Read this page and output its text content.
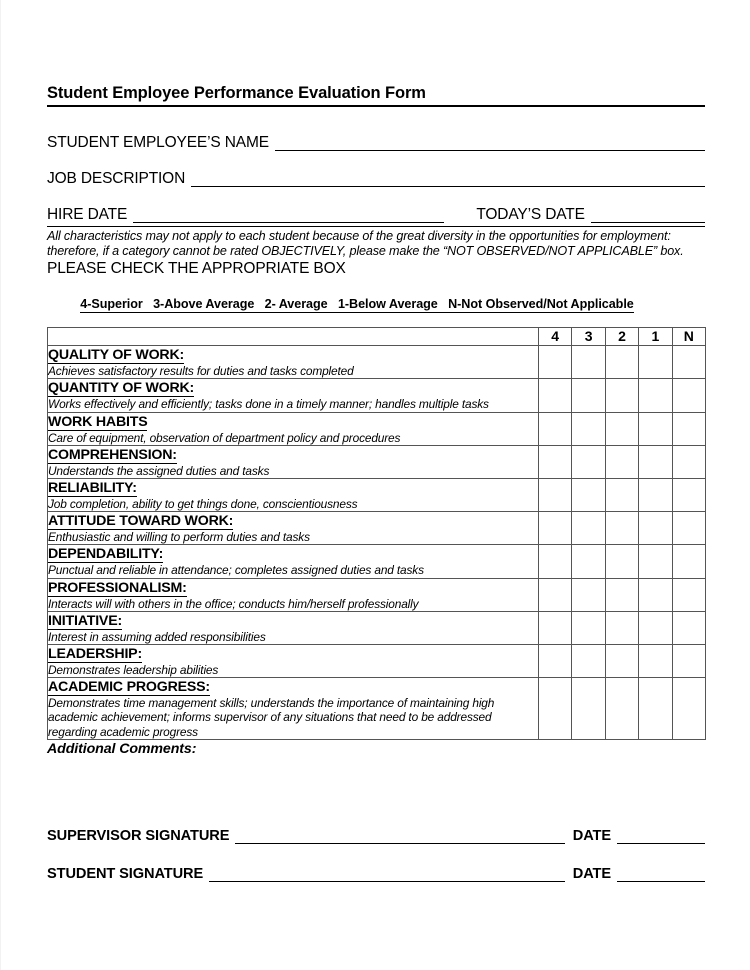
Student Employee Performance Evaluation Form
STUDENT EMPLOYEE’S NAME
JOB DESCRIPTION
HIRE DATE	TODAY’S DATE
All characteristics may not apply to each student because of the great diversity in the opportunities for employment:
therefore, if a category cannot be rated OBJECTIVELY, please make the “NOT OBSERVED/NOT APPLICABLE” box.
PLEASE CHECK THE APPROPRIATE BOX
4-Superior   3-Above Average   2- Average   1-Below Average   N-Not Observed/Not Applicable
	4	3	2	1	N

QUALITY OF WORK:
Achieves satisfactory results for duties and tasks completed					

QUANTITY OF WORK:
Works effectively and efficiently; tasks done in a timely manner; handles multiple tasks					

WORK HABITS
Care of equipment, observation of department policy and procedures					

COMPREHENSION:
Understands the assigned duties and tasks					

RELIABILITY:
Job completion, ability to get things done, conscientiousness					

ATTITUDE TOWARD WORK:
Enthusiastic and willing to perform duties and tasks					

DEPENDABILITY:
Punctual and reliable in attendance; completes assigned duties and tasks					

PROFESSIONALISM:
Interacts will with others in the office; conducts him/herself professionally					

INITIATIVE:
Interest in assuming added responsibilities					

LEADERSHIP:
Demonstrates leadership abilities					

ACADEMIC PROGRESS:
Demonstrates time management skills; understands the importance of maintaining high academic achievement; informs supervisor of any situations that need to be addressed regarding academic progress					

Additional Comments:
SUPERVISOR SIGNATURE	DATE
STUDENT SIGNATURE	DATE
